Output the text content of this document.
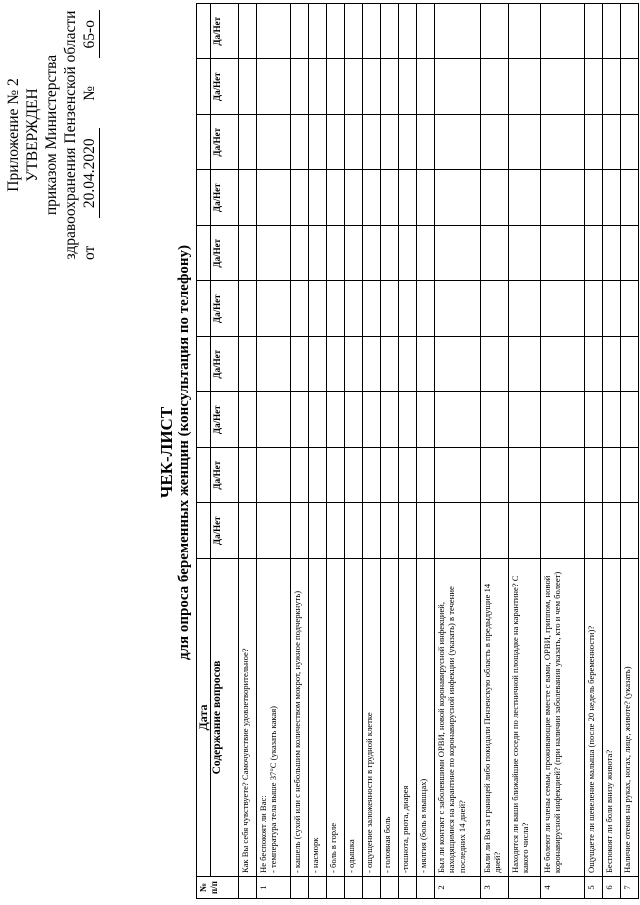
Приложение № 2 УТВЕРЖДЕН приказом Министерства здравоохранения Пензенской области от
20.04.2020
№
65-о
ЧЕК-ЛИСТ для опроса беременных женщин (консультация по телефону)
№ п/п	Дата										
	Содержание вопросов	Да/Нет	Да/Нет	Да/Нет	Да/Нет	Да/Нет	Да/Нет	Да/Нет	Да/Нет	Да/Нет	Да/Нет
	Как Вы себя чувствуете? Самочувствие удовлетворительное?										
1	Не беспокоят ли Вас:
- температура тела выше 37°С (указать какая)										
	- кашель (сухой или с небольшим количеством мокрот, нужное подчеркнуть)										
	- насморк										
	- боль в горле										
	- одышка										
	- ощущение заложенности в грудной клетке										
	- головная боль										
	-тошнота, рвота, диарея										
	- мялгия (боль в мышцах)										
2	Был ли контакт с заболевшими ОРВИ, новой коронавирусной инфекцией, находящимися на карантине по коронавирусной инфекции (указать) в течение последних 14 дней?										
3	Были ли Вы за границей либо покидали Пензенскую область в предыдущие 14 дней?										
	Находятся ли ваши ближайшие соседи по лестничной площадке на карантине? С какого числа?										
4	Не болеют ли члены семьи, проживающие вместе с вами, ОРВИ, гриппом, новой коронавирусной инфекцией? (при наличии заболевания указать, кто и чем болеет)										
5	Ощущаете ли шевеление малыша (после 20 недель беременности)?										
6	Беспокоят ли боли внизу живота?										
7	Наличие отеков на руках, ногах, лице, животе? (указать)										
